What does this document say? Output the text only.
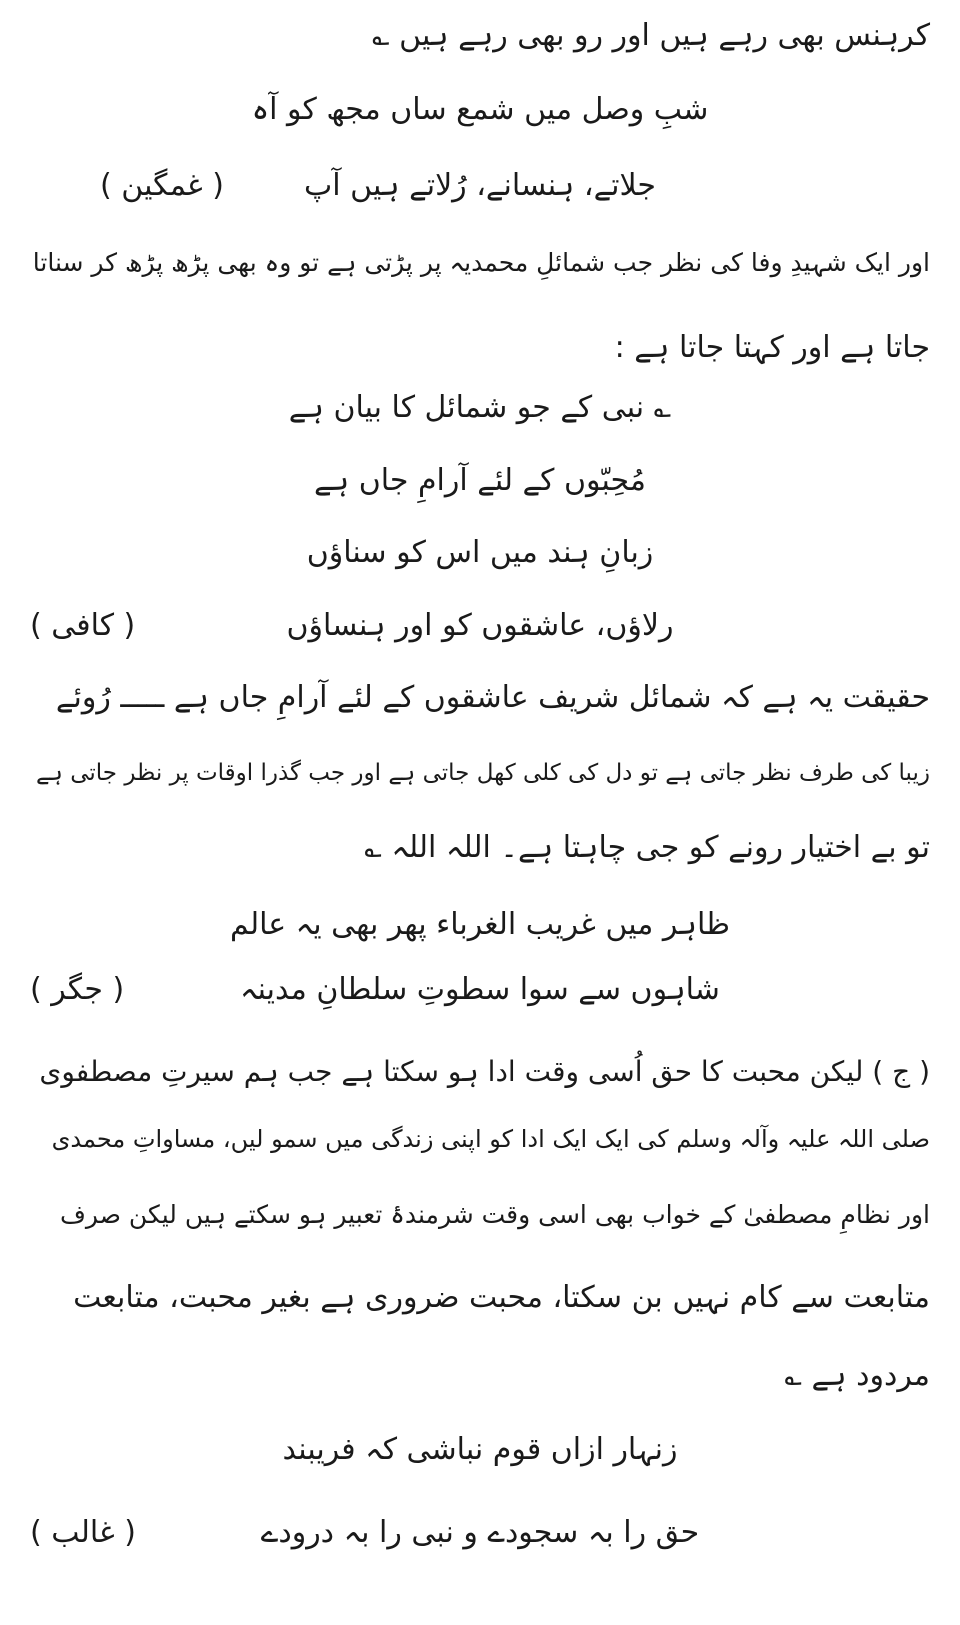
کرہنس بھی رہے ہیں اور رو بھی رہے ہیں ؎
شبِ وصل میں شمع ساں مجھ کو آہ
جلاتے، ہنسانے، رُلاتے ہیں آپ
( غمگین )
اور ایک شہیدِ وفا کی نظر جب شمائلِ محمدیہ پر پڑتی ہے تو وہ بھی پڑھ پڑھ کر سناتا
جاتا ہے اور کہتا جاتا ہے :
؎ نبی کے جو شمائل کا بیان ہے
مُحِبّوں کے لئے آرامِ جاں ہے
زبانِ ہند میں اس کو سناؤں
رلاؤں، عاشقوں کو اور ہنساؤں
( کافی )
حقیقت یہ ہے کہ شمائل شریف عاشقوں کے لئے آرامِ جاں ہے ـــــ رُوئے
زیبا کی طرف نظر جاتی ہے تو دل کی کلی کھل جاتی ہے اور جب گذرا اوقات پر نظر جاتی ہے
تو بے اختیار رونے کو جی چاہتا ہے۔ اللہ اللہ ؎
ظاہر میں غریب الغرباء پھر بھی یہ عالم
شاہوں سے سوا سطوتِ سلطانِ مدینہ
( جگر )
( ج ) لیکن محبت کا حق اُسی وقت ادا ہو سکتا ہے جب ہم سیرتِ مصطفوی
صلی اللہ علیہ وآلہ وسلم کی ایک ایک ادا کو اپنی زندگی میں سمو لیں، مساواتِ محمدی
اور نظامِ مصطفیٰ کے خواب بھی اسی وقت شرمندۂ تعبیر ہو سکتے ہیں لیکن صرف
متابعت سے کام نہیں بن سکتا، محبت ضروری ہے بغیر محبت، متابعت
مردود ہے ؎
زنہار ازاں قوم نباشی کہ فریبند
حق را بہ سجودے و نبی را بہ درودے
( غالب )
